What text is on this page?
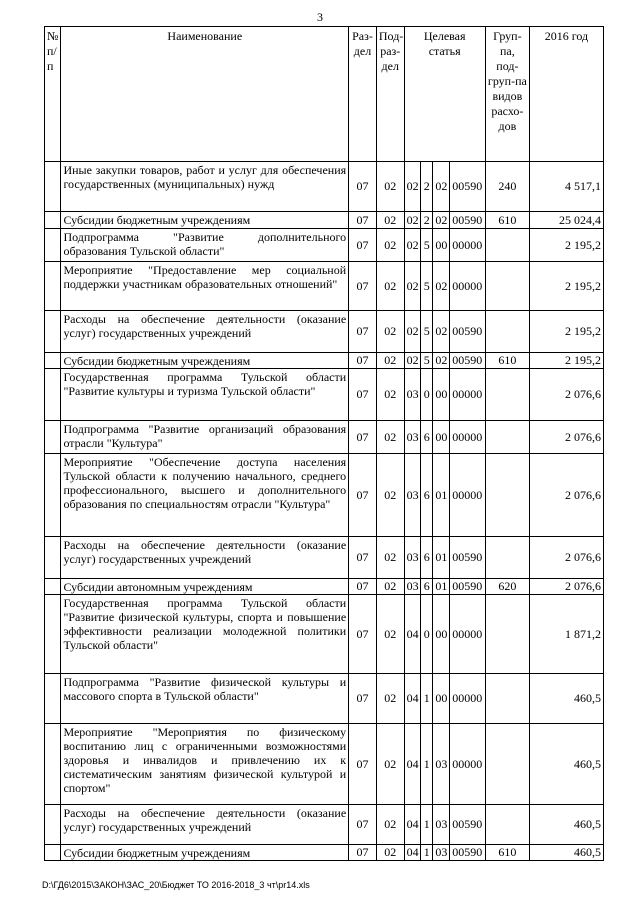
3
№ п/п	Наименование	Раз-дел	Под-раз-дел	Целевая статья				Груп-па, под-груп-па видов расхо-дов	2016 год
	Иные закупки товаров, работ и услуг для обеспечения государственных (муниципальных) нужд	07	02	02	2	02	00590	240	4 517,1
	Субсидии бюджетным учреждениям	07	02	02	2	02	00590	610	25 024,4
	Подпрограмма "Развитие дополнительного образования Тульской области"	07	02	02	5	00	00000		2 195,2
	Мероприятие "Предоставление мер социальной поддержки участникам образовательных отношений"	07	02	02	5	02	00000		2 195,2
	Расходы на обеспечение деятельности (оказание услуг) государственных учреждений	07	02	02	5	02	00590		2 195,2
	Субсидии бюджетным учреждениям	07	02	02	5	02	00590	610	2 195,2
	Государственная программа Тульской области "Развитие культуры и туризма Тульской области"	07	02	03	0	00	00000		2 076,6
	Подпрограмма "Развитие организаций образования отрасли "Культура"	07	02	03	6	00	00000		2 076,6
	Мероприятие "Обеспечение доступа населения Тульской области к получению начального, среднего профессионального, высшего и дополнительного образования по специальностям отрасли "Культура"	07	02	03	6	01	00000		2 076,6
	Расходы на обеспечение деятельности (оказание услуг) государственных учреждений	07	02	03	6	01	00590		2 076,6
	Субсидии автономным учреждениям	07	02	03	6	01	00590	620	2 076,6
	Государственная программа Тульской области "Развитие физической культуры, спорта и повышение эффективности реализации молодежной политики Тульской области"	07	02	04	0	00	00000		1 871,2
	Подпрограмма "Развитие физической культуры и массового спорта в Тульской области"	07	02	04	1	00	00000		460,5
	Мероприятие "Мероприятия по физическому воспитанию лиц с ограниченными возможностями здоровья и инвалидов и привлечению их к систематическим занятиям физической культурой и спортом"	07	02	04	1	03	00000		460,5
	Расходы на обеспечение деятельности (оказание услуг) государственных учреждений	07	02	04	1	03	00590		460,5
	Субсидии бюджетным учреждениям	07	02	04	1	03	00590	610	460,5
D:\ГД6\2015\ЗАКОН\ЗАС_20\Бюджет ТО 2016-2018_3 чт\pr14.xls
